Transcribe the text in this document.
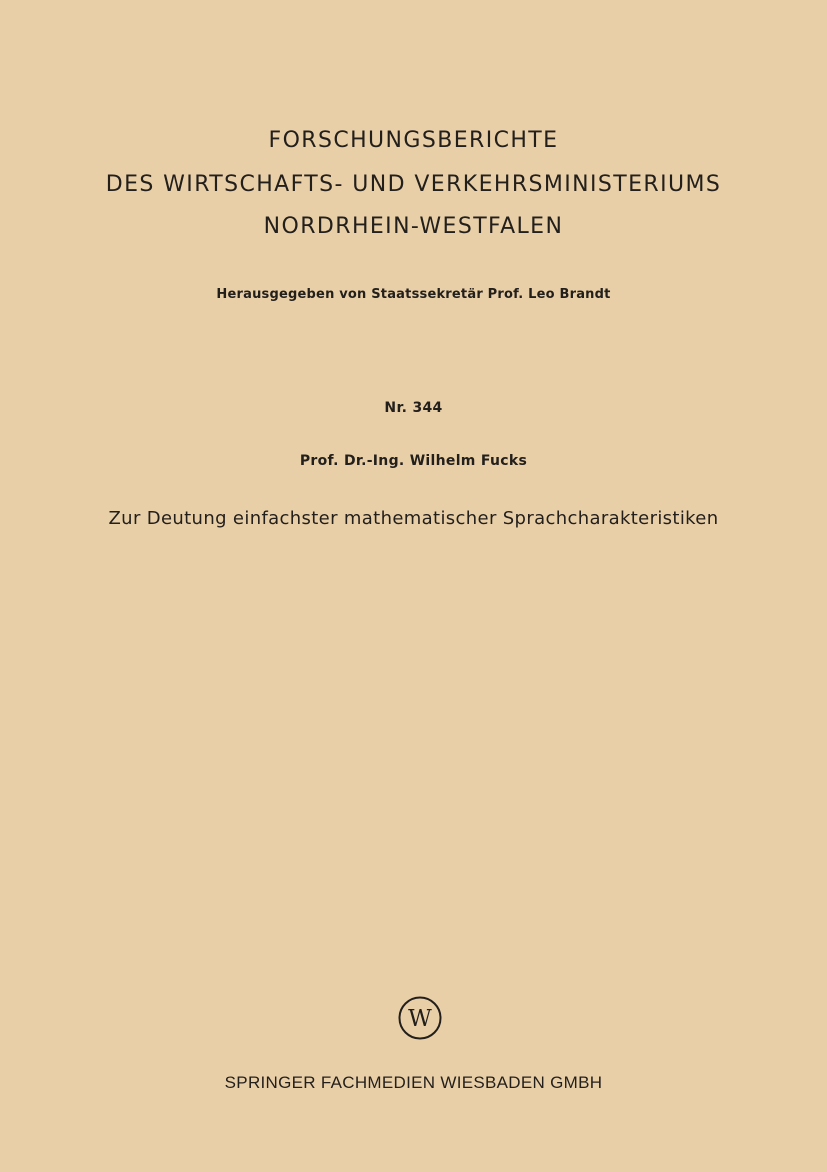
FORSCHUNGSBERICHTE
DES WIRTSCHAFTS- UND VERKEHRSMINISTERIUMS
NORDRHEIN-WESTFALEN
Herausgegeben von Staatssekretär Prof. Leo Brandt
Nr. 344
Prof. Dr.-Ing. Wilhelm Fucks
Zur Deutung einfachster mathematischer Sprachcharakteristiken
W
SPRINGER FACHMEDIEN WIESBADEN GMBH
